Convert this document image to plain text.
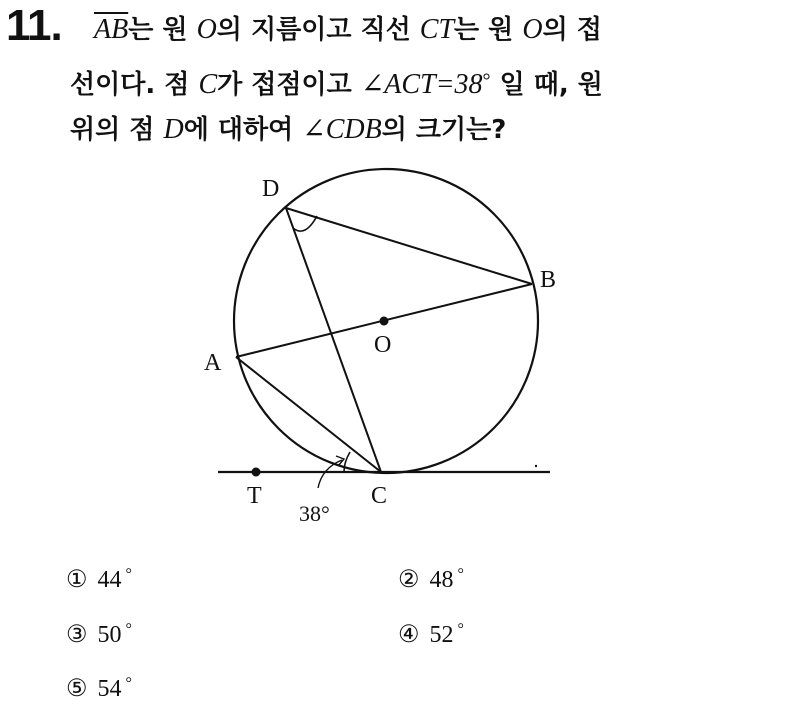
11. $\overline{AB}$는 원 O의 지름이고 직선 CT는 원 O의 접
선이다. 점 C가 접점이고 ∠ACT=38° 일 때, 원
위의 점 D에 대하여 ∠CDB의 크기는?
D
B
O
A
T	C
38°
① 44 °	② 48 °
③ 50 °	④ 52 °
⑤ 54 °
